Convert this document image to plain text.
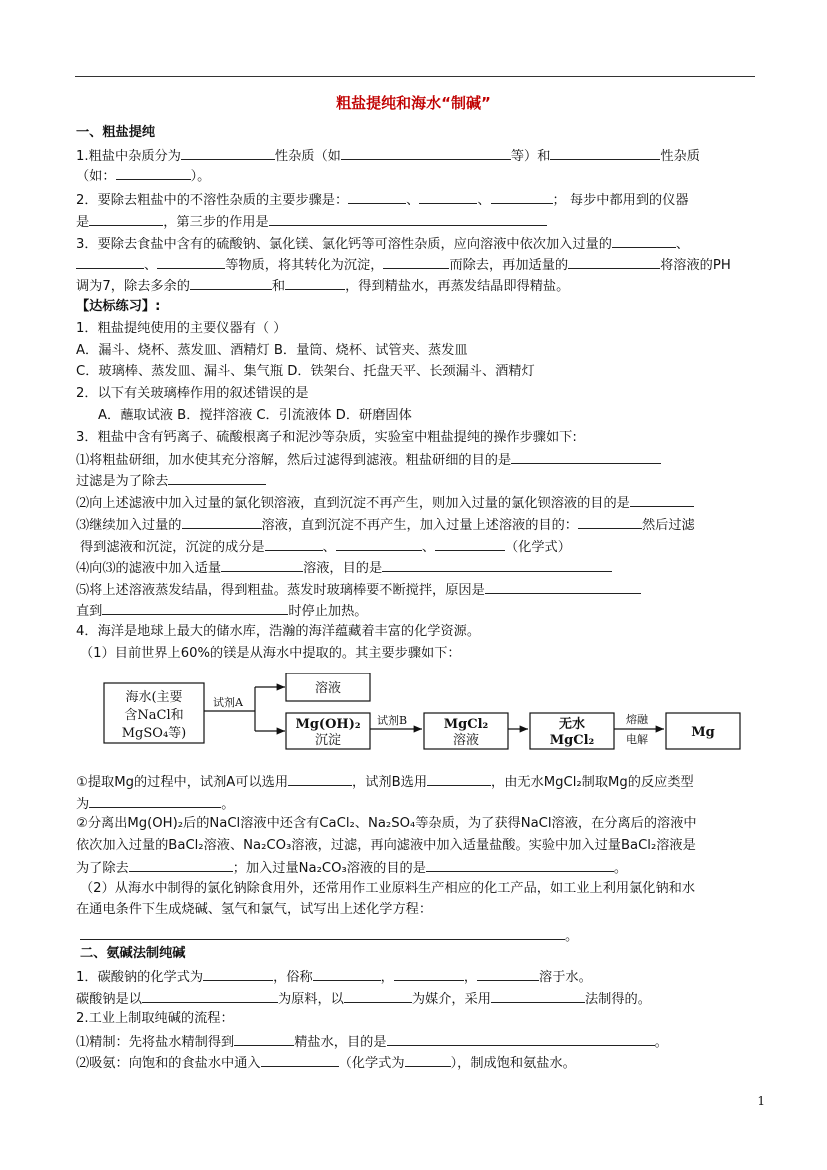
粗盐提纯和海水“制碱”
一、粗盐提纯
1.粗盐中杂质分为	性杂质（如	等）和	性杂质
（如：	）。
2．要除去粗盐中的不溶性杂质的主要步骤是：	、	、	； 每步中都用到的仪器
是	，第三步的作用是
3．要除去食盐中含有的硫酸钠、氯化镁、氯化钙等可溶性杂质，应向溶液中依次加入过量的	、
、	等物质，将其转化为沉淀，	而除去，再加适量的	将溶液的PH
调为7，除去多余的	和	，得到精盐水，再蒸发结晶即得精盐。
【达标练习】:
1．粗盐提纯使用的主要仪器有（ ）
A．漏斗、烧杯、蒸发皿、酒精灯 B．量筒、烧杯、试管夹、蒸发皿
C．玻璃棒、蒸发皿、漏斗、集气瓶 D．铁架台、托盘天平、长颈漏斗、酒精灯
2．以下有关玻璃棒作用的叙述错误的是
A．蘸取试液 B．搅拌溶液 C．引流液体 D．研磨固体
3．粗盐中含有钙离子、硫酸根离子和泥沙等杂质，实验室中粗盐提纯的操作步骤如下:
⑴将粗盐研细，加水使其充分溶解，然后过滤得到滤液。粗盐研细的目的是
过滤是为了除去
⑵向上述滤液中加入过量的氯化钡溶液，直到沉淀不再产生，则加入过量的氯化钡溶液的目的是
⑶继续加入过量的	溶液，直到沉淀不再产生，加入过量上述溶液的目的：	然后过滤
得到滤液和沉淀，沉淀的成分是	、	、	（化学式）
⑷向⑶的滤液中加入适量	溶液，目的是
⑸将上述溶液蒸发结晶，得到粗盐。蒸发时玻璃棒要不断搅拌，原因是
直到	时停止加热。
4．海洋是地球上最大的储水库，浩瀚的海洋蕴藏着丰富的化学资源。
（1）目前世界上60%的镁是从海水中提取的。其主要步骤如下：
海水(主要
含NaCl和
MgSO₄等)
试剂A
溶液
Mg(OH)₂
沉淀
试剂B	MgCl₂
溶液
无水
MgCl₂
熔融
电解	Mg
①提取Mg的过程中，试剂A可以选用	，试剂B选用	，由无水MgCl₂制取Mg的反应类型
为	。
②分离出Mg(OH)₂后的NaCl溶液中还含有CaCl₂、Na₂SO₄等杂质，为了获得NaCl溶液，在分离后的溶液中
依次加入过量的BaCl₂溶液、Na₂CO₃溶液，过滤，再向滤液中加入适量盐酸。实验中加入过量BaCl₂溶液是
为了除去	；加入过量Na₂CO₃溶液的目的是	。
（2）从海水中制得的氯化钠除食用外，还常用作工业原料生产相应的化工产品，如工业上利用氯化钠和水
在通电条件下生成烧碱、氢气和氯气，试写出上述化学方程：
。
二、氨碱法制纯碱
1．碳酸钠的化学式为	，俗称	，	，	溶于水。
碳酸钠是以	为原料，以	为媒介，采用	法制得的。
2.工业上制取纯碱的流程：
⑴精制：先将盐水精制得到	精盐水，目的是	。
⑵吸氨：向饱和的食盐水中通入	（化学式为	），制成饱和氨盐水。
1
